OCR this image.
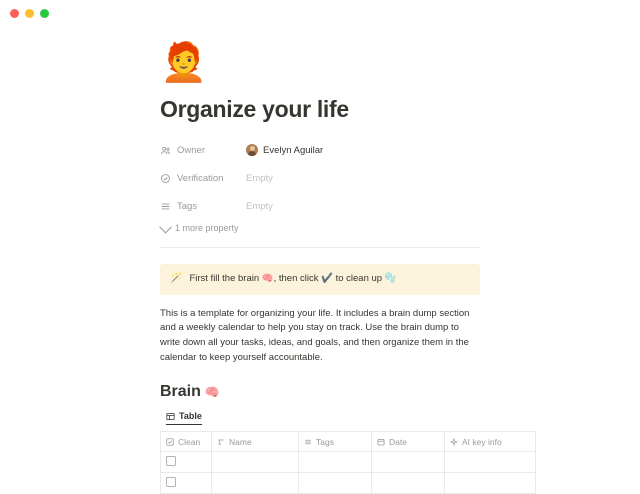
🧑‍🦰
Organize your life
Owner	Evelyn Aguilar
Verification Empty
Tags	Empty
1 more property
🪄 First fill the brain 🧠, then click ✔️ to clean up 🫧
This is a template for organizing your life. It includes a brain dump section and a weekly calendar to help you stay on track. Use the brain dump to write down all your tasks, ideas, and goals, and then organize them in the calendar to keep yourself accountable.
Brain 🧠
Table
Clean	Name	Tags	Date	AI key info
